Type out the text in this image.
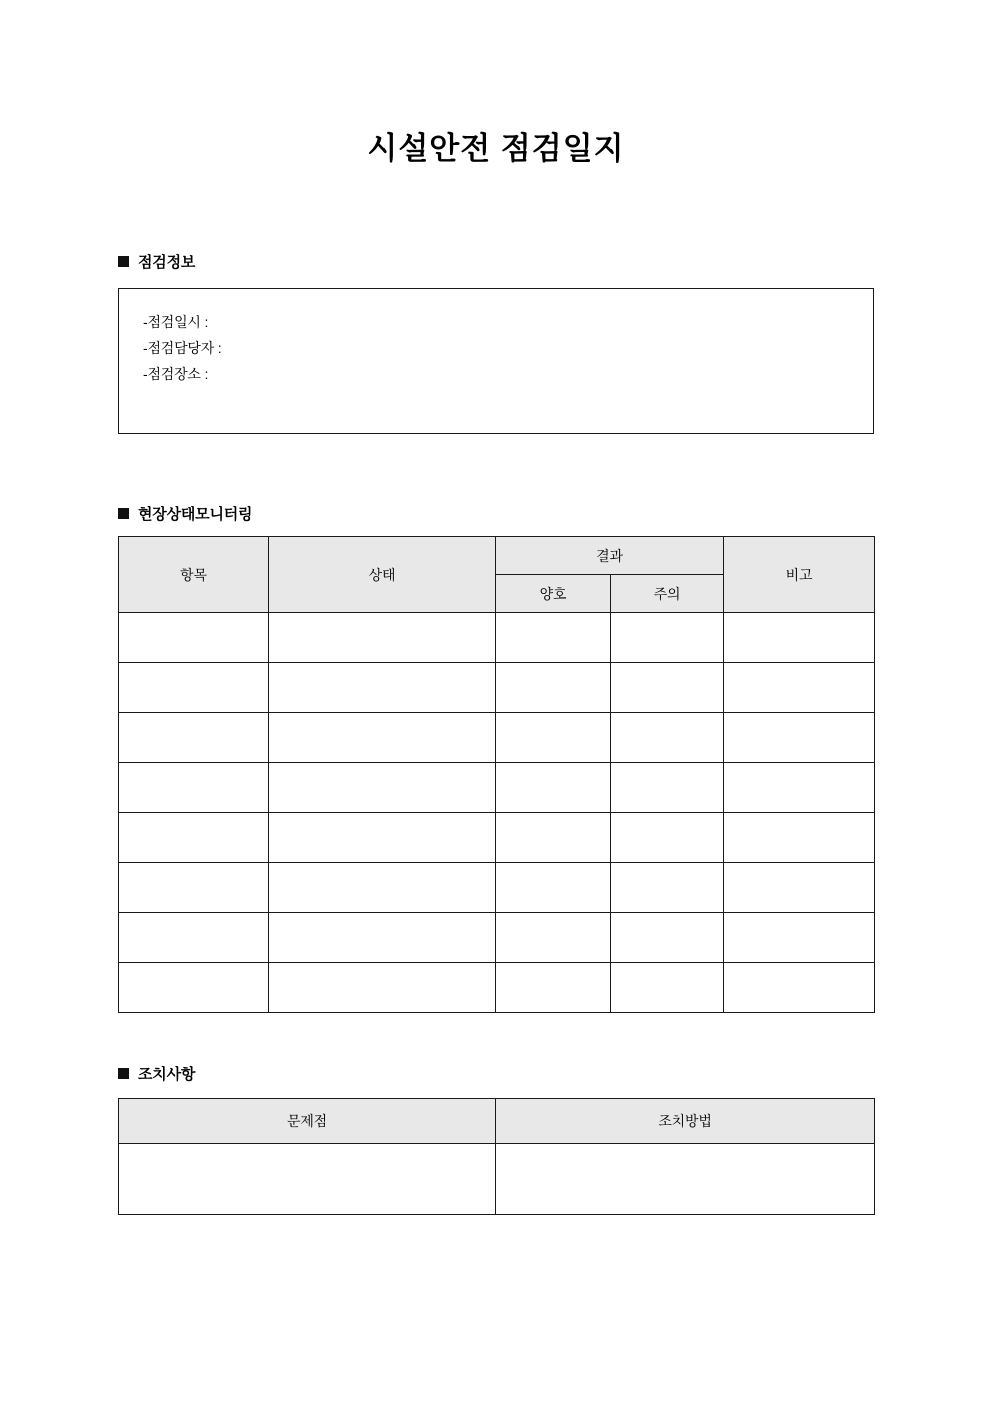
시설안전 점검일지
점검정보
-점검일시 :
-점검담당자 :
-점검장소 :
현장상태모니터링
항목	상태	결과		비고
		양호	주의	

조치사항
문제점	조치방법
